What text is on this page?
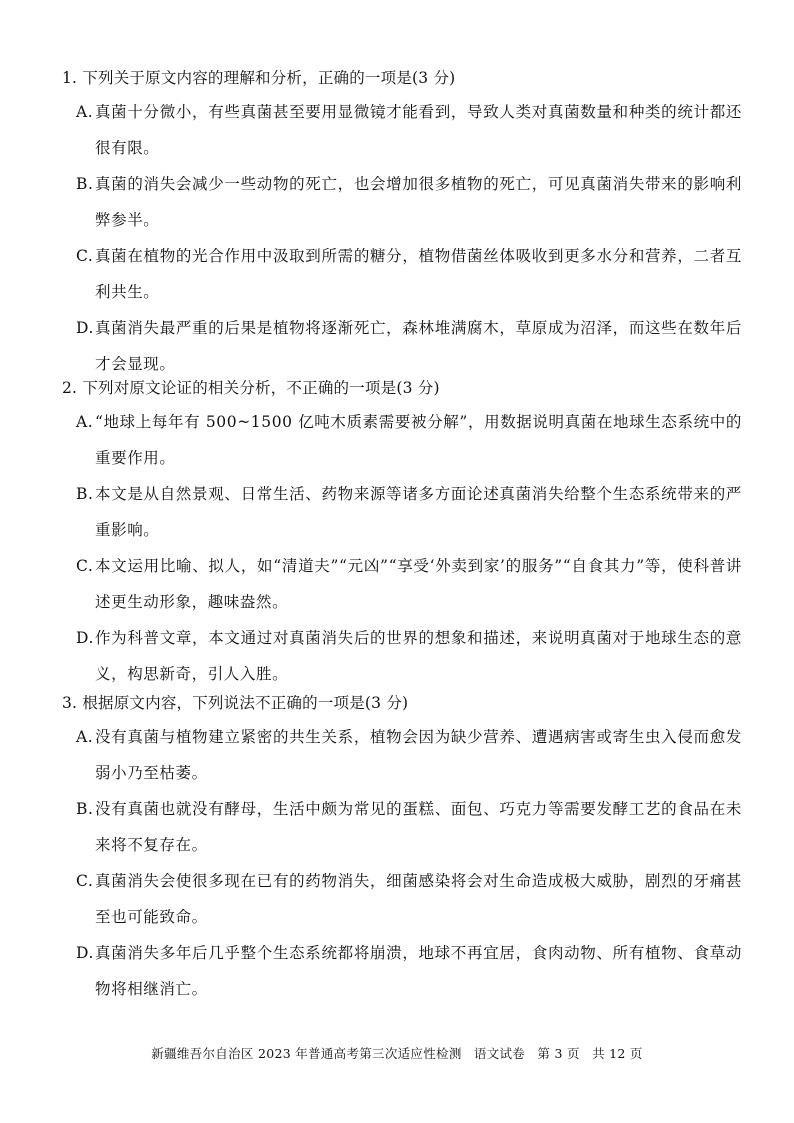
1. 下列关于原文内容的理解和分析，正确的一项是(3 分)
A. 真菌十分微小，有些真菌甚至要用显微镜才能看到，导致人类对真菌数量和种类的统计都还很有限。
B. 真菌的消失会减少一些动物的死亡，也会增加很多植物的死亡，可见真菌消失带来的影响利弊参半。
C. 真菌在植物的光合作用中汲取到所需的糖分，植物借菌丝体吸收到更多水分和营养，二者互利共生。
D. 真菌消失最严重的后果是植物将逐渐死亡，森林堆满腐木，草原成为沼泽，而这些在数年后才会显现。
2. 下列对原文论证的相关分析，不正确的一项是(3 分)
A. “地球上每年有 500~1500 亿吨木质素需要被分解”，用数据说明真菌在地球生态系统中的重要作用。
B. 本文是从自然景观、日常生活、药物来源等诸多方面论述真菌消失给整个生态系统带来的严重影响。
C. 本文运用比喻、拟人，如“清道夫”“元凶”“享受‘外卖到家’的服务”“自食其力”等，使科普讲述更生动形象，趣味盎然。
D. 作为科普文章，本文通过对真菌消失后的世界的想象和描述，来说明真菌对于地球生态的意义，构思新奇，引人入胜。
3. 根据原文内容，下列说法不正确的一项是(3 分)
A. 没有真菌与植物建立紧密的共生关系，植物会因为缺少营养、遭遇病害或寄生虫入侵而愈发弱小乃至枯萎。
B. 没有真菌也就没有酵母，生活中颇为常见的蛋糕、面包、巧克力等需要发酵工艺的食品在未来将不复存在。
C. 真菌消失会使很多现在已有的药物消失，细菌感染将会对生命造成极大威胁，剧烈的牙痛甚至也可能致命。
D. 真菌消失多年后几乎整个生态系统都将崩溃，地球不再宜居，食肉动物、所有植物、食草动物将相继消亡。
新疆维吾尔自治区 2023 年普通高考第三次适应性检测 语文试卷 第 3 页 共 12 页
